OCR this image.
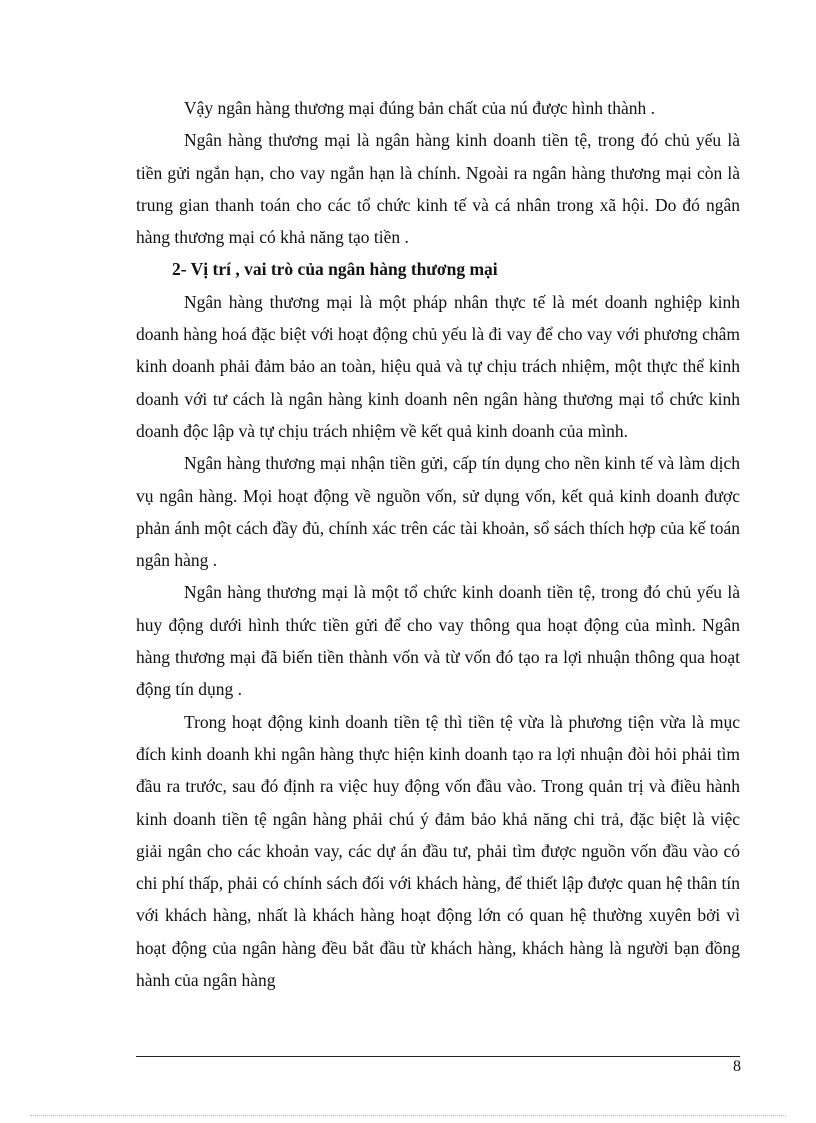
Vậy ngân hàng thương mại đúng bản chất của nú được hình thành .

Ngân hàng thương mại là ngân hàng kinh doanh tiền tệ, trong đó chủ yếu là tiền gửi ngắn hạn, cho vay ngắn hạn là chính. Ngoài ra ngân hàng thương mại còn là trung gian thanh toán cho các tổ chức kinh tế và cá nhân trong xã hội. Do đó ngân hàng thương mại có khả năng tạo tiền .

2- Vị trí , vai trò của ngân hàng thương mại

Ngân hàng thương mại là một pháp nhân thực tế là mét doanh nghiệp kinh doanh hàng hoá đặc biệt với hoạt động chủ yếu là đi vay để cho vay với phương châm kinh doanh phải đảm bảo an toàn, hiệu quả và tự chịu trách nhiệm, một thực thể kinh doanh với tư cách là ngân hàng kinh doanh nên ngân hàng thương mại tổ chức kinh doanh độc lập và tự chịu trách nhiệm về kết quả kinh doanh của mình.

Ngân hàng thương mại nhận tiền gửi, cấp tín dụng cho nền kinh tế và làm dịch vụ ngân hàng. Mọi hoạt động về nguồn vốn, sử dụng vốn, kết quả kinh doanh được phản ánh một cách đầy đủ, chính xác trên các tài khoản, sổ sách thích hợp của kế toán ngân hàng .

Ngân hàng thương mại là một tổ chức kinh doanh tiền tệ, trong đó chủ yếu là huy động dưới hình thức tiền gửi để cho vay thông qua hoạt động của mình. Ngân hàng thương mại đã biến tiền thành vốn và từ vốn đó tạo ra lợi nhuận thông qua hoạt động tín dụng .

Trong hoạt động kinh doanh tiền tệ thì tiền tệ vừa là phương tiện vừa là mục đích kinh doanh khi ngân hàng thực hiện kinh doanh tạo ra lợi nhuận đòi hỏi phải tìm đầu ra trước, sau đó định ra việc huy động vốn đầu vào. Trong quản trị và điều hành kinh doanh tiền tệ ngân hàng phải chú ý đảm bảo khả năng chi trả, đặc biệt là việc giải ngân cho các khoản vay, các dự án đầu tư, phải tìm được nguồn vốn đầu vào có chi phí thấp, phải có chính sách đối với khách hàng, để thiết lập được quan hệ thân tín với khách hàng, nhất là khách hàng hoạt động lớn có quan hệ thường xuyên bởi vì hoạt động của ngân hàng đều bắt đầu từ khách hàng, khách hàng là người bạn đồng hành của ngân hàng

8
